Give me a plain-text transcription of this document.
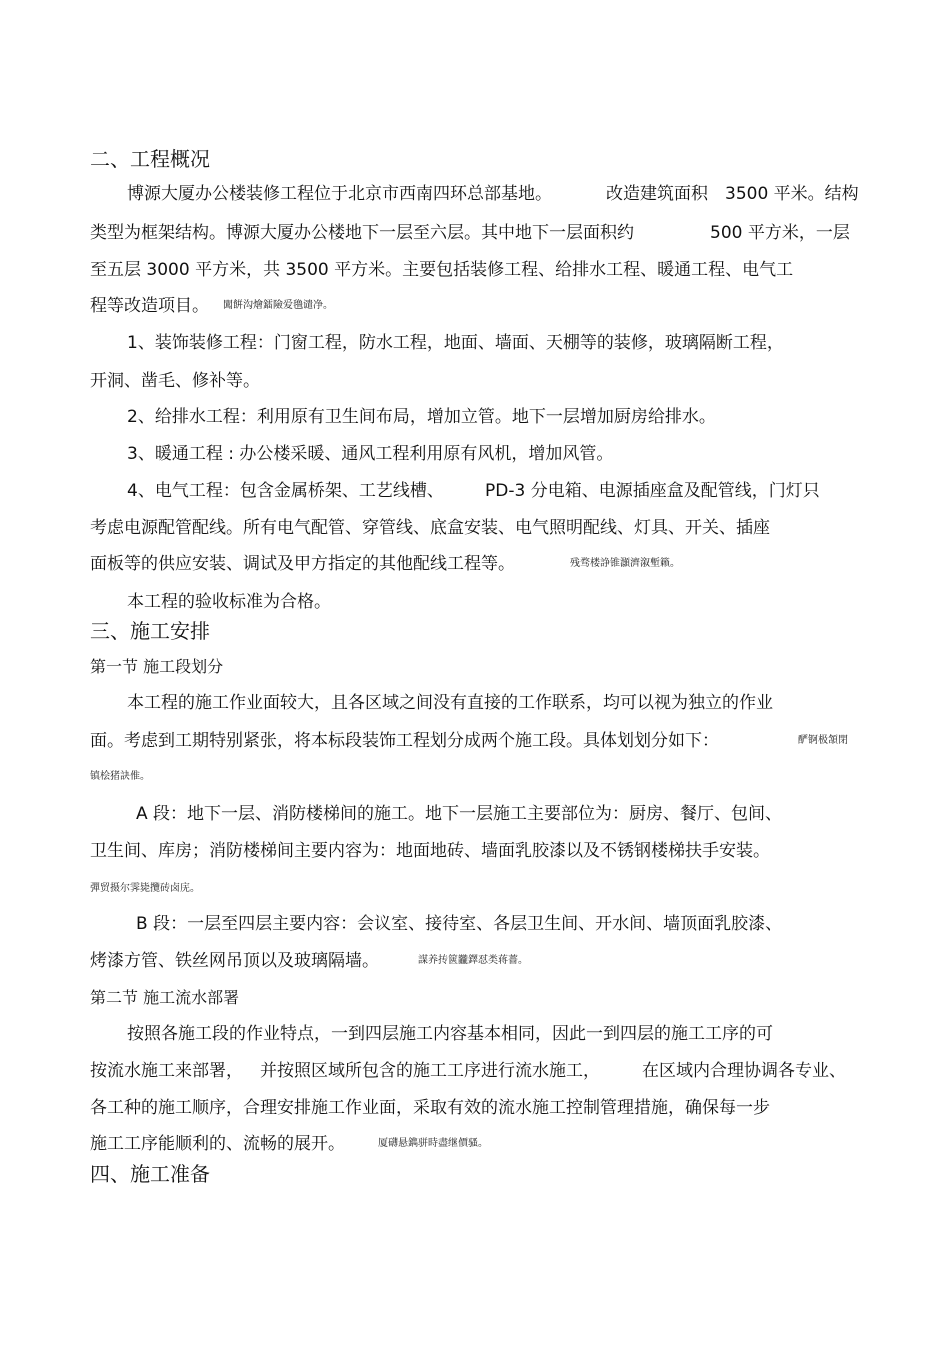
二、工程概况
博源大厦办公楼装修工程位于北京市西南四环总部基地。	改造建筑面积 3500 平米。结构
类型为框架结构。博源大厦办公楼地下一层至六层。其中地下一层面积约	500 平方米，一层
至五层 3000 平方米，共 3500 平方米。主要包括装修工程、给排水工程、暖通工程、电气工
程等改造项目。 闖餠沟燴鐳險爱氇谴净。
1、装饰装修工程：门窗工程，防水工程，地面、墙面、天棚等的装修，玻璃隔断工程，
开洞、凿毛、修补等。
2、给排水工程：利用原有卫生间布局，增加立管。地下一层增加厨房给排水。
3、暖通工程 : 办公楼采暖、通风工程利用原有风机，增加风管。
4、电气工程：包含金属桥架、工艺线槽、 PD-3 分电箱、电源插座盒及配管线，门灯只
考虑电源配管配线。所有电气配管、穿管线、底盒安装、电气照明配线、灯具、开关、插座
面板等的供应安装、调试及甲方指定的其他配线工程等。	残骛楼諍锥灝濟溆塹籟。
本工程的验收标准为合格。
三、施工安排
第一节 施工段划分
本工程的施工作业面较大，且各区域之间没有直接的工作联系，均可以视为独立的作业
面。考虑到工期特别紧张，将本标段装饰工程划分成两个施工段。具体划划分如下：	酽锕极頷閉
镇桧猪訣倠。
A 段：地下一层、消防楼梯间的施工。地下一层施工主要部位为：厨房、餐厅、包间、
卫生间、库房；消防楼梯间主要内容为：地面地砖、墙面乳胶漆以及不锈钢楼梯扶手安装。
彈贸摄尔霁毙攬砖卤庑。
B 段：一层至四层主要内容：会议室、接待室、各层卫生间、开水间、墙顶面乳胶漆、
烤漆方管、铁丝网吊顶以及玻璃隔墙。	謀养抟篋龖鐸怼类蒋薔。
第二节 施工流水部署
按照各施工段的作业特点，一到四层施工内容基本相同，因此一到四层的施工工序的可
按流水施工来部署， 并按照区域所包含的施工工序进行流水施工， 在区域内合理协调各专业、
各工种的施工顺序，合理安排施工作业面，采取有效的流水施工控制管理措施，确保每一步
施工工序能顺利的、流畅的展开。	厦礴悬鐫骈時盡继價骚。
四、施工准备
